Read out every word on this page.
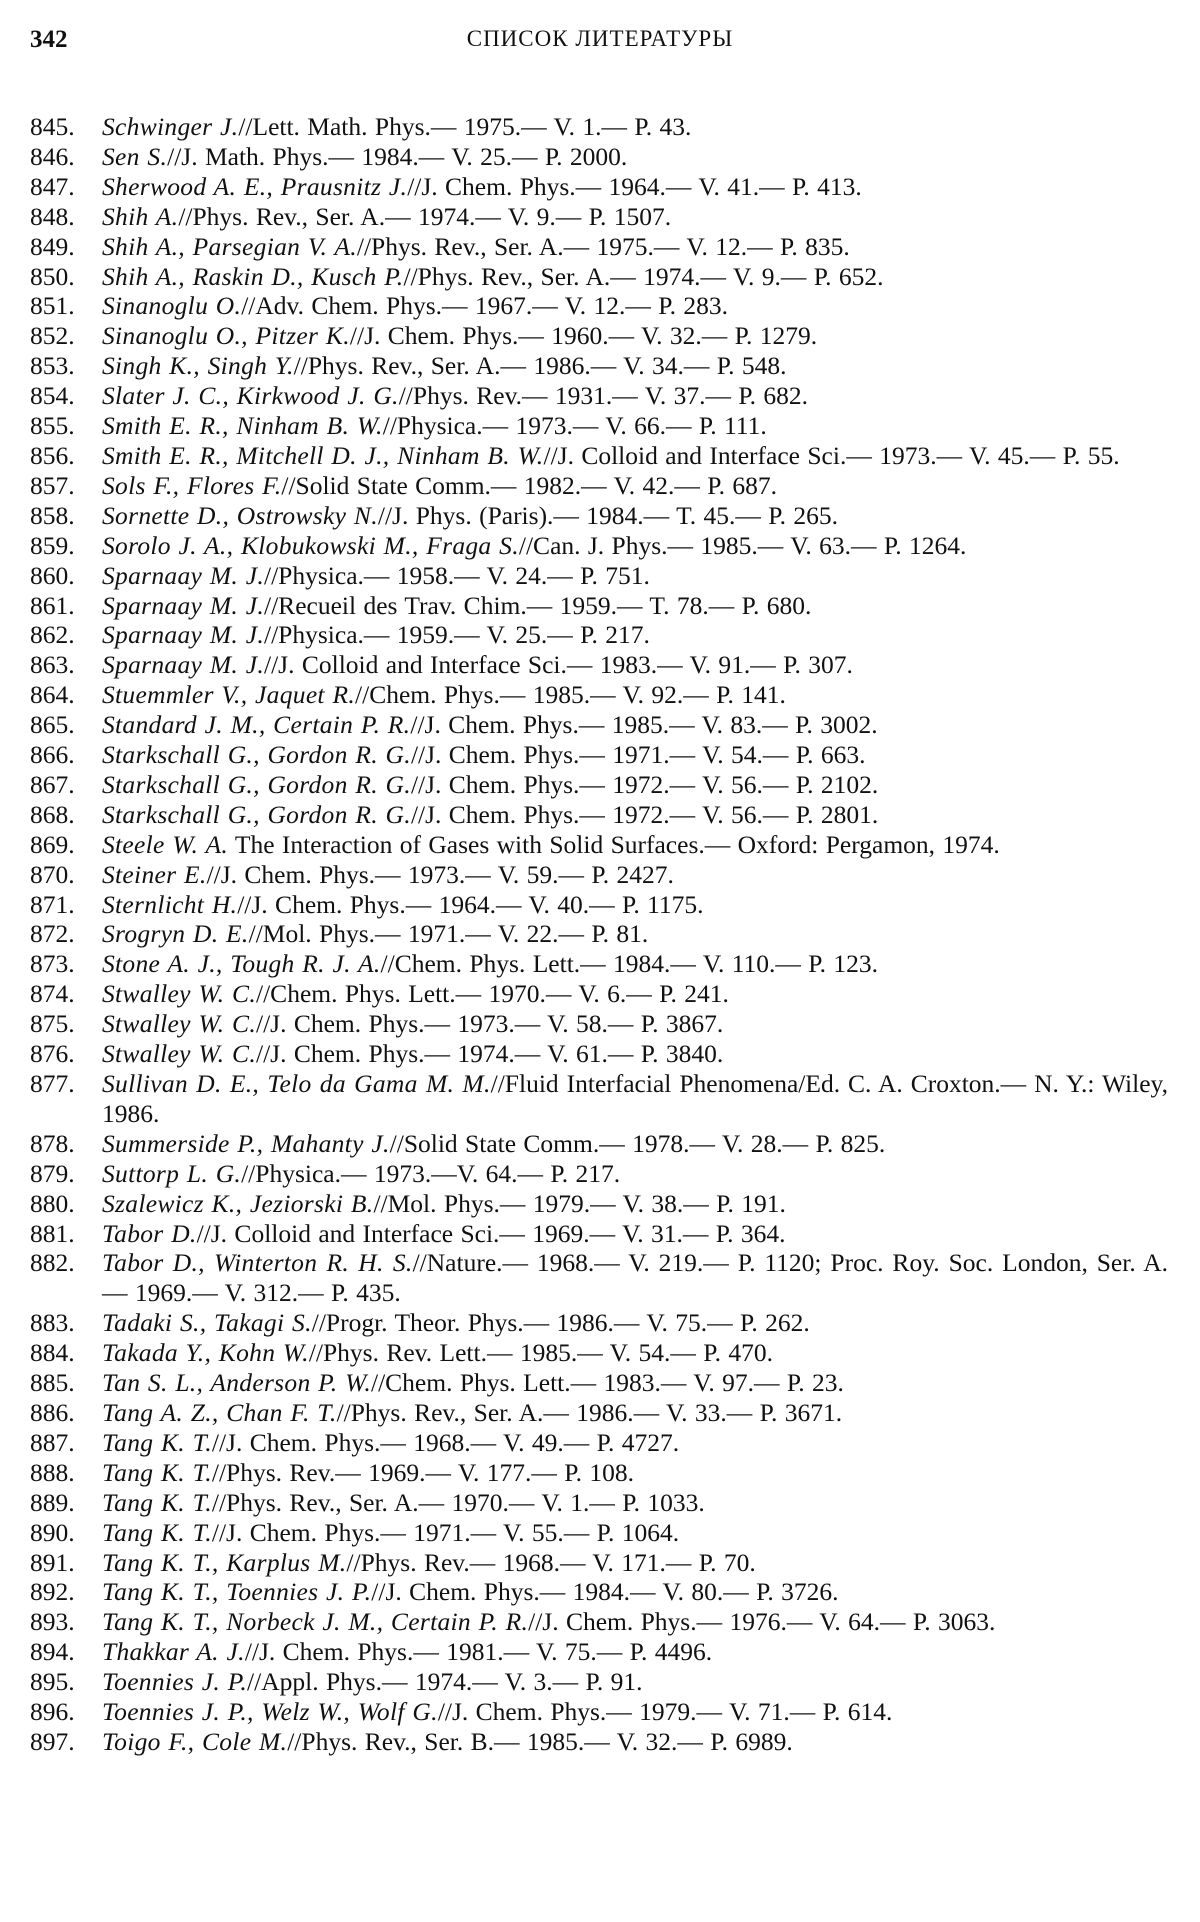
342	СПИСОК ЛИТЕРАТУРЫ
845.	Schwinger J.//Lett. Math. Phys.— 1975.— V. 1.— P. 43.
846.	Sen S.//J. Math. Phys.— 1984.— V. 25.— P. 2000.
847.	Sherwood A. E., Prausnitz J.//J. Chem. Phys.— 1964.— V. 41.— P. 413.
848.	Shih A.//Phys. Rev., Ser. A.— 1974.— V. 9.— P. 1507.
849.	Shih A., Parsegian V. A.//Phys. Rev., Ser. A.— 1975.— V. 12.— P. 835.
850.	Shih A., Raskin D., Kusch P.//Phys. Rev., Ser. A.— 1974.— V. 9.— P. 652.
851.	Sinanoglu O.//Adv. Chem. Phys.— 1967.— V. 12.— P. 283.
852.	Sinanoglu O., Pitzer K.//J. Chem. Phys.— 1960.— V. 32.— P. 1279.
853.	Singh K., Singh Y.//Phys. Rev., Ser. A.— 1986.— V. 34.— P. 548.
854.	Slater J. C., Kirkwood J. G.//Phys. Rev.— 1931.— V. 37.— P. 682.
855.	Smith E. R., Ninham B. W.//Physica.— 1973.— V. 66.— P. 111.
856.	Smith E. R., Mitchell D. J., Ninham B. W.//J. Colloid and Interface Sci.— 1973.— V. 45.— P. 55.
857.	Sols F., Flores F.//Solid State Comm.— 1982.— V. 42.— P. 687.
858.	Sornette D., Ostrowsky N.//J. Phys. (Paris).— 1984.— T. 45.— P. 265.
859.	Sorolo J. A., Klobukowski M., Fraga S.//Can. J. Phys.— 1985.— V. 63.— P. 1264.
860.	Sparnaay M. J.//Physica.— 1958.— V. 24.— P. 751.
861.	Sparnaay M. J.//Recueil des Trav. Chim.— 1959.— T. 78.— P. 680.
862.	Sparnaay M. J.//Physica.— 1959.— V. 25.— P. 217.
863.	Sparnaay M. J.//J. Colloid and Interface Sci.— 1983.— V. 91.— P. 307.
864.	Stuemmler V., Jaquet R.//Chem. Phys.— 1985.— V. 92.— P. 141.
865.	Standard J. M., Certain P. R.//J. Chem. Phys.— 1985.— V. 83.— P. 3002.
866.	Starkschall G., Gordon R. G.//J. Chem. Phys.— 1971.— V. 54.— P. 663.
867.	Starkschall G., Gordon R. G.//J. Chem. Phys.— 1972.— V. 56.— P. 2102.
868.	Starkschall G., Gordon R. G.//J. Chem. Phys.— 1972.— V. 56.— P. 2801.
869.	Steele W. A. The Interaction of Gases with Solid Surfaces.— Oxford: Pergamon, 1974.
870.	Steiner E.//J. Chem. Phys.— 1973.— V. 59.— P. 2427.
871.	Sternlicht H.//J. Chem. Phys.— 1964.— V. 40.— P. 1175.
872.	Srogryn D. E.//Mol. Phys.— 1971.— V. 22.— P. 81.
873.	Stone A. J., Tough R. J. A.//Chem. Phys. Lett.— 1984.— V. 110.— P. 123.
874.	Stwalley W. C.//Chem. Phys. Lett.— 1970.— V. 6.— P. 241.
875.	Stwalley W. C.//J. Chem. Phys.— 1973.— V. 58.— P. 3867.
876.	Stwalley W. C.//J. Chem. Phys.— 1974.— V. 61.— P. 3840.
877.	Sullivan D. E., Telo da Gama M. M.//Fluid Interfacial Phenomena/Ed. C. A. Croxton.— N. Y.: Wiley, 1986.
878.	Summerside P., Mahanty J.//Solid State Comm.— 1978.— V. 28.— P. 825.
879.	Suttorp L. G.//Physica.— 1973.—V. 64.— P. 217.
880.	Szalewicz K., Jeziorski B.//Mol. Phys.— 1979.— V. 38.— P. 191.
881.	Tabor D.//J. Colloid and Interface Sci.— 1969.— V. 31.— P. 364.
882.	Tabor D., Winterton R. H. S.//Nature.— 1968.— V. 219.— P. 1120; Proc. Roy. Soc. London, Ser. A.— 1969.— V. 312.— P. 435.
883.	Tadaki S., Takagi S.//Progr. Theor. Phys.— 1986.— V. 75.— P. 262.
884.	Takada Y., Kohn W.//Phys. Rev. Lett.— 1985.— V. 54.— P. 470.
885.	Tan S. L., Anderson P. W.//Chem. Phys. Lett.— 1983.— V. 97.— P. 23.
886.	Tang A. Z., Chan F. T.//Phys. Rev., Ser. A.— 1986.— V. 33.— P. 3671.
887.	Tang K. T.//J. Chem. Phys.— 1968.— V. 49.— P. 4727.
888.	Tang K. T.//Phys. Rev.— 1969.— V. 177.— P. 108.
889.	Tang K. T.//Phys. Rev., Ser. A.— 1970.— V. 1.— P. 1033.
890.	Tang K. T.//J. Chem. Phys.— 1971.— V. 55.— P. 1064.
891.	Tang K. T., Karplus M.//Phys. Rev.— 1968.— V. 171.— P. 70.
892.	Tang K. T., Toennies J. P.//J. Chem. Phys.— 1984.— V. 80.— P. 3726.
893.	Tang K. T., Norbeck J. M., Certain P. R.//J. Chem. Phys.— 1976.— V. 64.— P. 3063.
894.	Thakkar A. J.//J. Chem. Phys.— 1981.— V. 75.— P. 4496.
895.	Toennies J. P.//Appl. Phys.— 1974.— V. 3.— P. 91.
896.	Toennies J. P., Welz W., Wolf G.//J. Chem. Phys.— 1979.— V. 71.— P. 614.
897.	Toigo F., Cole M.//Phys. Rev., Ser. B.— 1985.— V. 32.— P. 6989.
